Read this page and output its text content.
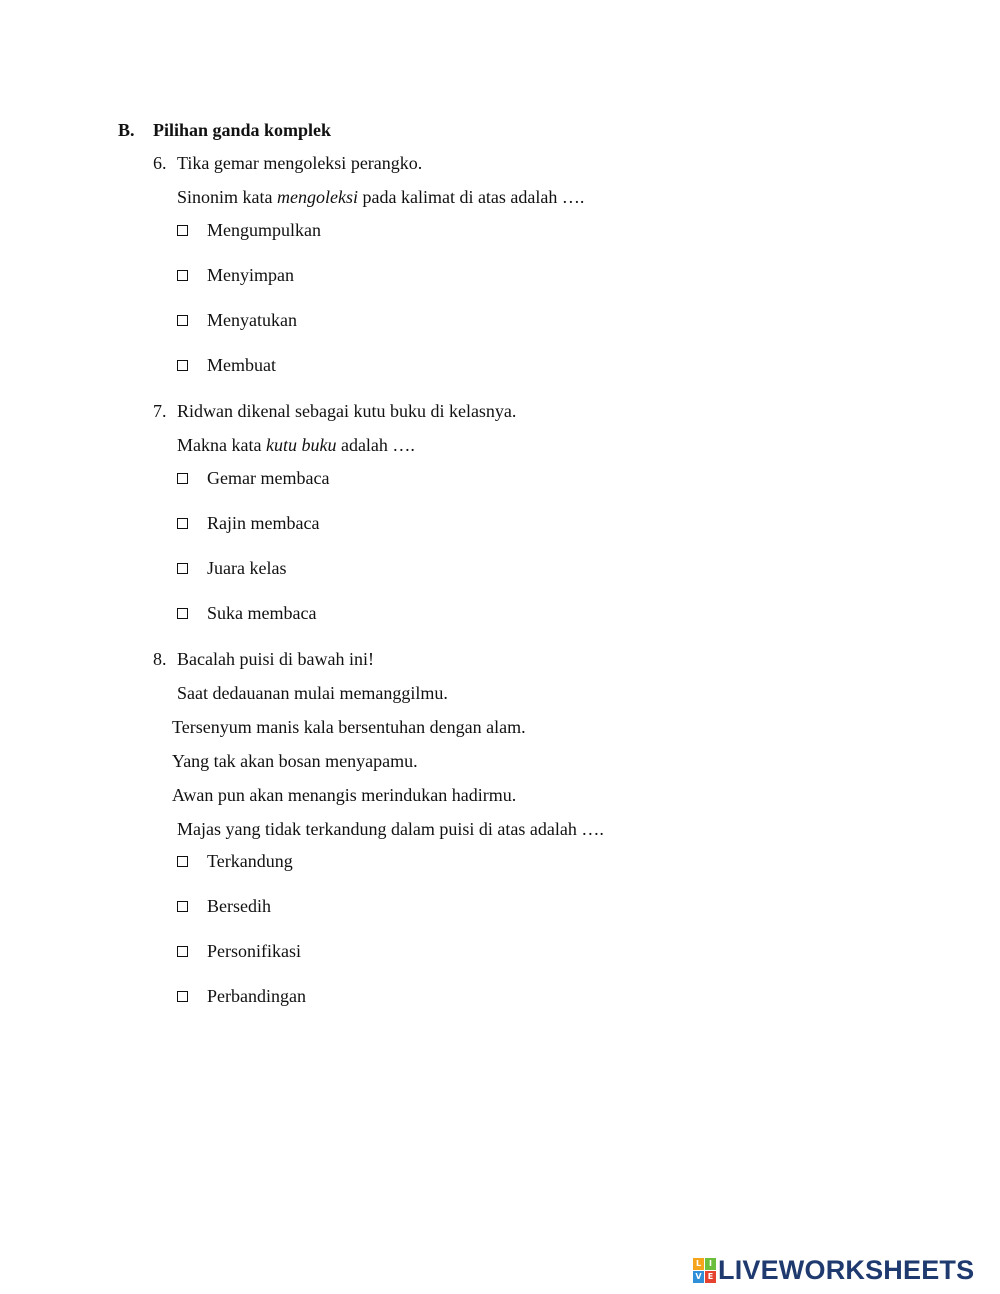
B. Pilihan ganda komplek
6. Tika gemar mengoleksi perangko.
Sinonim kata mengoleksi pada kalimat di atas adalah ….
Mengumpulkan
Menyimpan
Menyatukan
Membuat
7. Ridwan dikenal sebagai kutu buku di kelasnya.
Makna kata kutu buku adalah ….
Gemar membaca
Rajin membaca
Juara kelas
Suka membaca
8. Bacalah puisi di bawah ini!
Saat dedauanan mulai memanggilmu.
Tersenyum manis kala bersentuhan dengan alam.
Yang tak akan bosan menyapamu.
Awan pun akan menangis merindukan hadirmu.
Majas yang tidak terkandung dalam puisi di atas adalah ….
Terkandung
Bersedih
Personifikasi
Perbandingan
L I
V E LIVEWORKSHEETS
